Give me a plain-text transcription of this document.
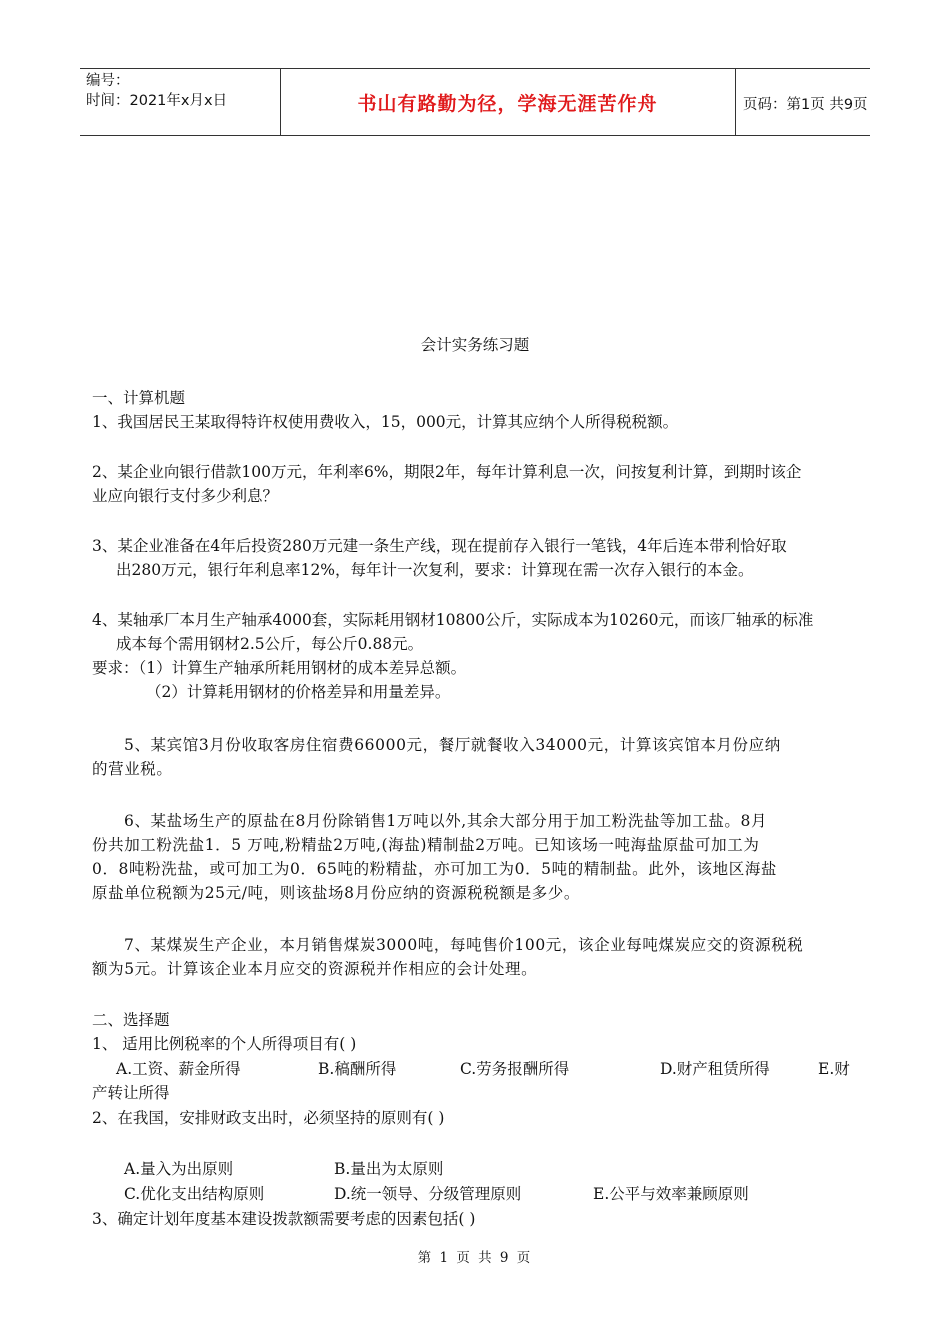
编号：
时间：2021年x月x日	书山有路勤为径，学海无涯苦作舟	页码：第1页 共9页
会计实务练习题
一、计算机题
1、我国居民王某取得特许权使用费收入，15，000元，计算其应纳个人所得税税额。
2、某企业向银行借款100万元，年利率6%，期限2年，每年计算利息一次，问按复利计算，到期时该企
业应向银行支付多少利息？
3、某企业准备在4年后投资280万元建一条生产线，现在提前存入银行一笔钱，4年后连本带利恰好取
出280万元，银行年利息率12%，每年计一次复利，要求：计算现在需一次存入银行的本金。
4、某轴承厂本月生产轴承4000套，实际耗用钢材10800公斤，实际成本为10260元，而该厂轴承的标准
成本每个需用钢材2.5公斤，每公斤0.88元。
要求：（1）计算生产轴承所耗用钢材的成本差异总额。
（2）计算耗用钢材的价格差异和用量差异。
5、某宾馆3月份收取客房住宿费66000元，餐厅就餐收入34000元，计算该宾馆本月份应纳
的营业税。
6、某盐场生产的原盐在8月份除销售1万吨以外,其余大部分用于加工粉洗盐等加工盐。8月
份共加工粉洗盐1．5 万吨,粉精盐2万吨,(海盐)精制盐2万吨。已知该场一吨海盐原盐可加工为
0．8吨粉洗盐，或可加工为0．65吨的粉精盐，亦可加工为0．5吨的精制盐。此外，该地区海盐
原盐单位税额为25元/吨，则该盐场8月份应纳的资源税税额是多少。
7、某煤炭生产企业，本月销售煤炭3000吨，每吨售价100元，该企业每吨煤炭应交的资源税税
额为5元。计算该企业本月应交的资源税并作相应的会计处理。
二、选择题
1、 适用比例税率的个人所得项目有( )
A.工资、薪金所得	B.稿酬所得	C.劳务报酬所得	D.财产租赁所得	E.财
产转让所得
2、在我国，安排财政支出时，必须坚持的原则有( )
A.量入为出原则	B.量出为太原则
C.优化支出结构原则	D.统一领导、分级管理原则	E.公平与效率兼顾原则
3、确定计划年度基本建设拨款额需要考虑的因素包括( )
第 1 页 共 9 页
